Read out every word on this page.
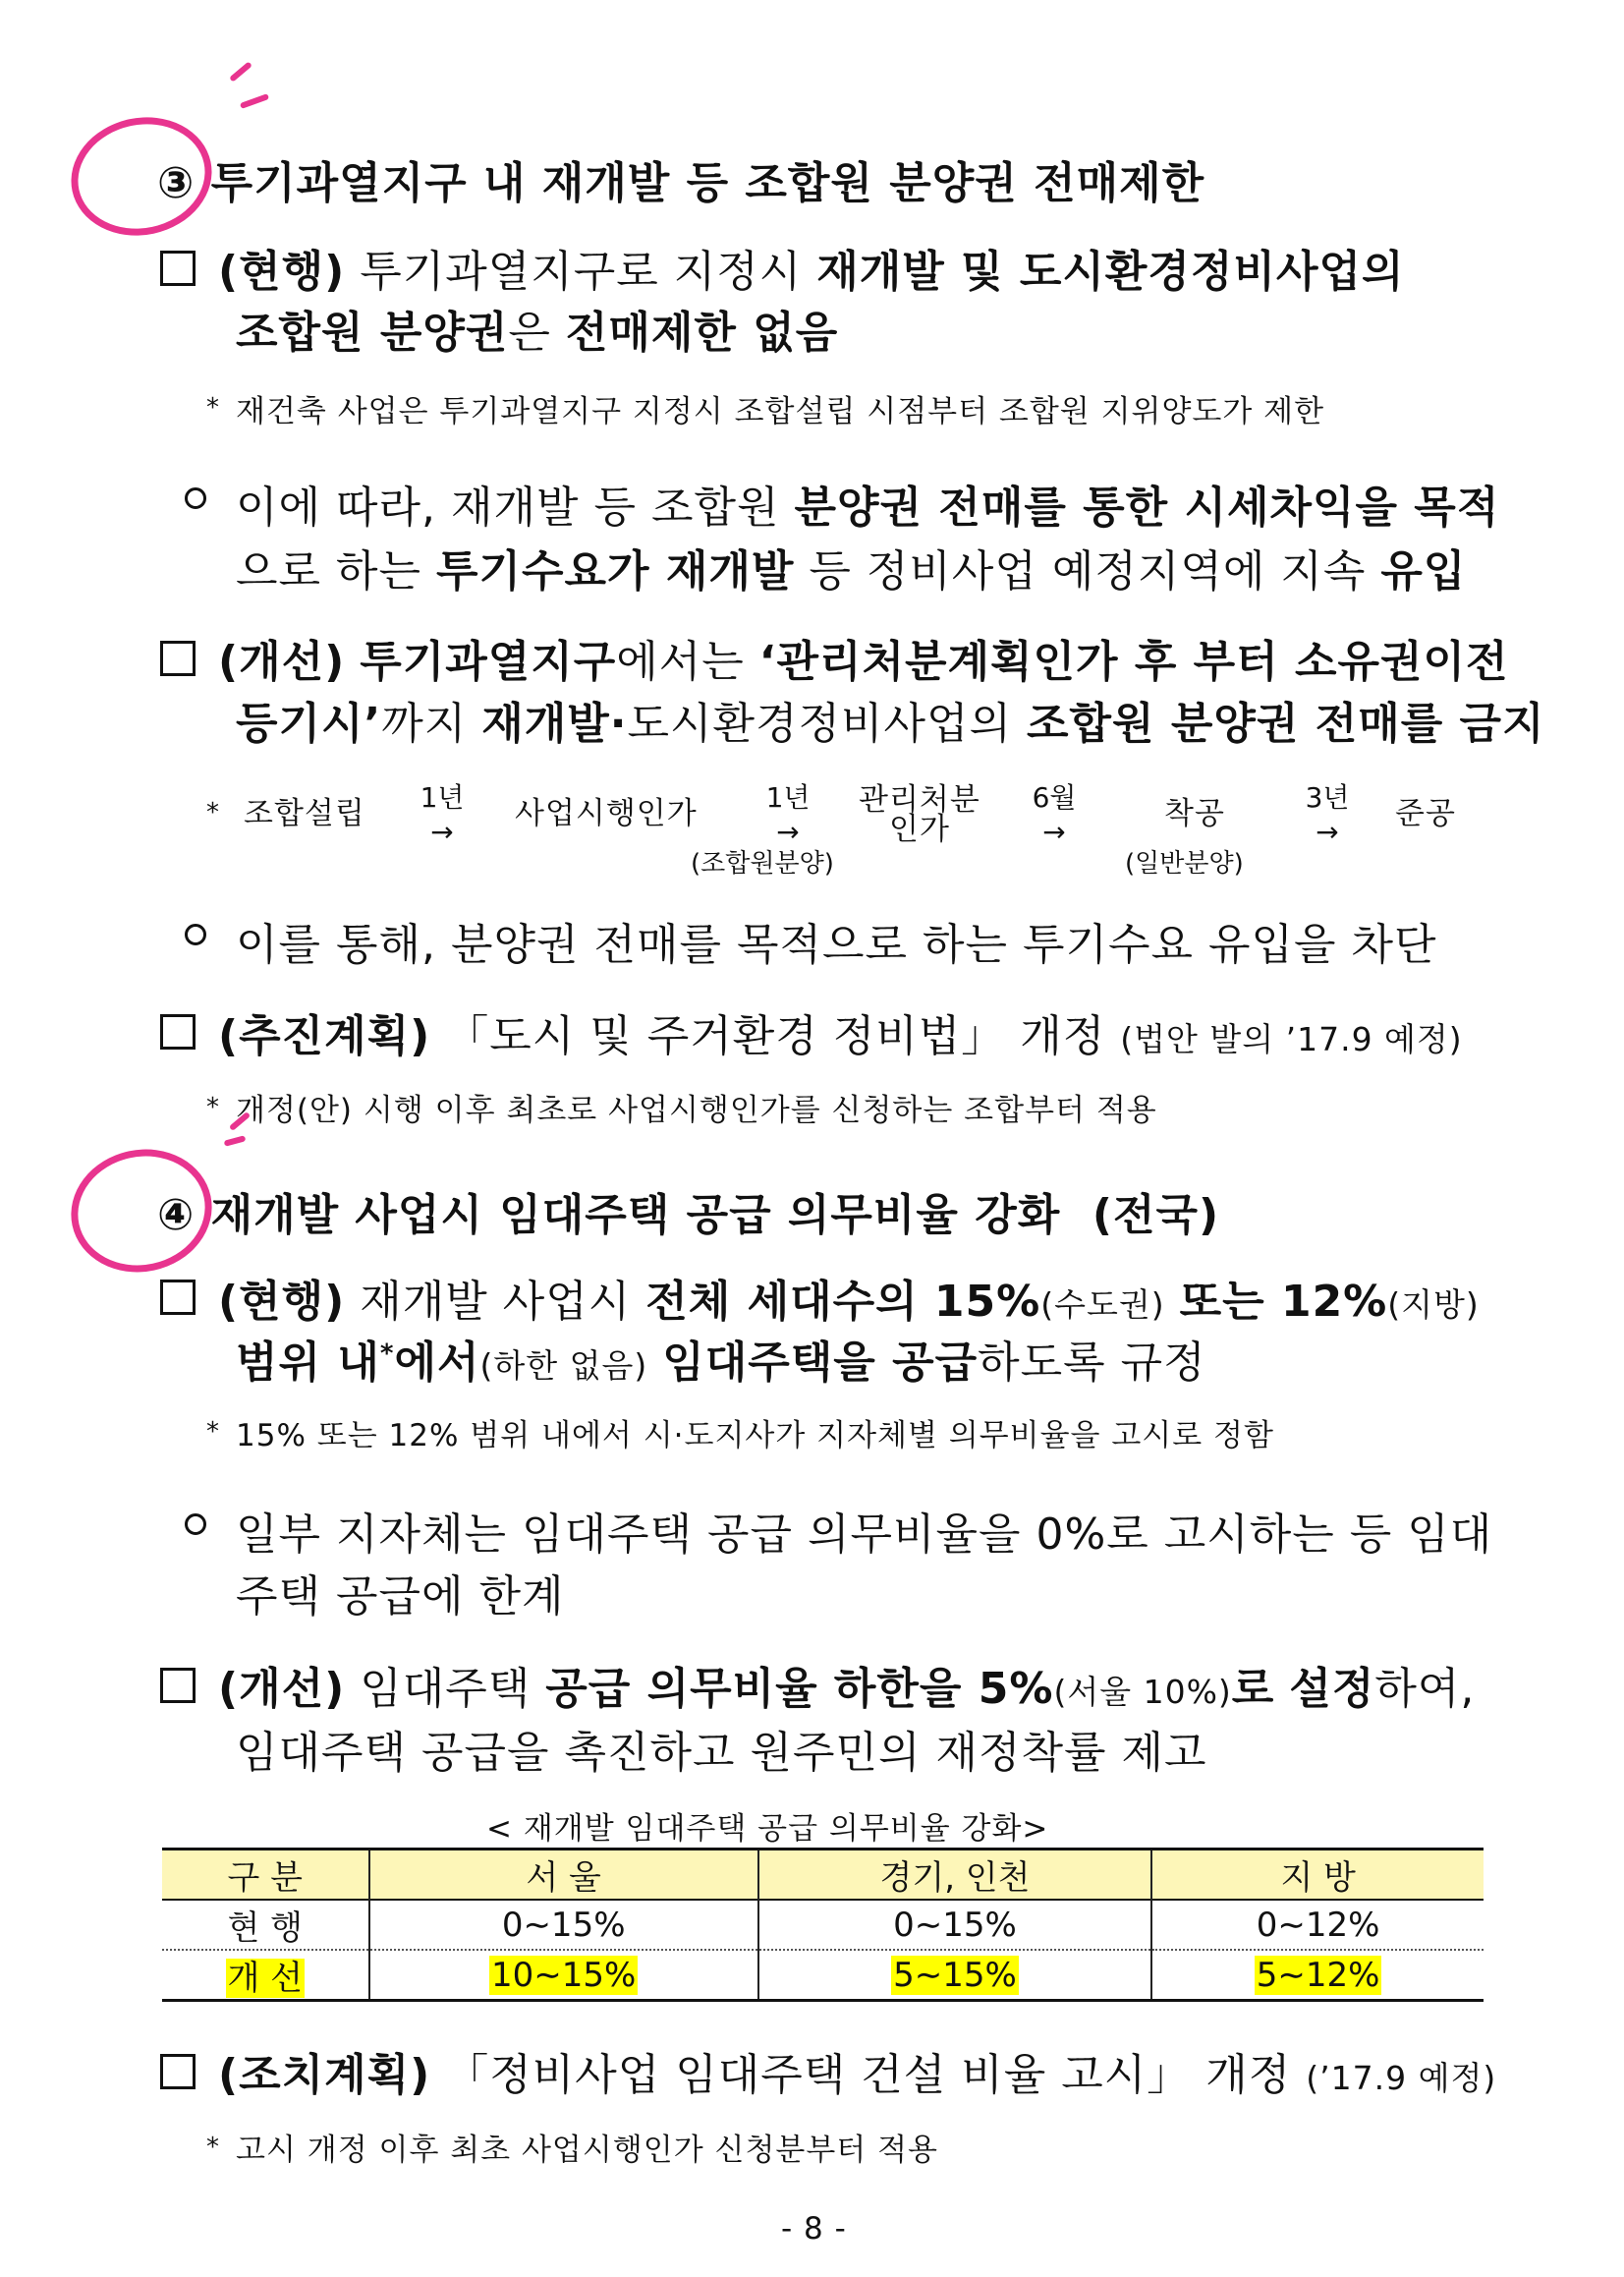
③ 투기과열지구 내 재개발 등 조합원 분양권 전매제한
(현행) 투기과열지구로 지정시 재개발 및 도시환경정비사업의
조합원 분양권은 전매제한 없음
* 재건축 사업은 투기과열지구 지정시 조합설립 시점부터 조합원 지위양도가 제한
이에 따라, 재개발 등 조합원 분양권 전매를 통한 시세차익을 목적
으로 하는 투기수요가 재개발 등 정비사업 예정지역에 지속 유입
(개선) 투기과열지구에서는 ‘관리처분계획인가 후 부터 소유권이전
등기시’까지 재개발·도시환경정비사업의 조합원 분양권 전매를 금지
* 조합설립 1년
→
사업시행인가 1년
→
관리처분
인가
(조합원분양)
6월
→
착공
(일반분양)
3년
→
준공
이를 통해, 분양권 전매를 목적으로 하는 투기수요 유입을 차단
(추진계획) 「도시 및 주거환경 정비법」 개정 (법안 발의 ’17.9 예정)
* 개정(안) 시행 이후 최초로 사업시행인가를 신청하는 조합부터 적용
④ 재개발 사업시 임대주택 공급 의무비율 강화 (전국)
(현행) 재개발 사업시 전체 세대수의 15%(수도권) 또는 12%(지방)
범위 내*에서(하한 없음) 임대주택을 공급하도록 규정
* 15% 또는 12% 범위 내에서 시·도지사가 지자체별 의무비율을 고시로 정함
일부 지자체는 임대주택 공급 의무비율을 0%로 고시하는 등 임대
주택 공급에 한계
(개선) 임대주택 공급 의무비율 하한을 5%(서울 10%)로 설정하여,
임대주택 공급을 촉진하고 원주민의 재정착률 제고
< 재개발 임대주택 공급 의무비율 강화>
구 분	서 울	경기, 인천	지 방
현 행	0∼15%	0∼15%	0∼12%
개 선	10∼15%	5∼15%	5∼12%
(조치계획) 「정비사업 임대주택 건설 비율 고시」 개정 (’17.9 예정)
* 고시 개정 이후 최초 사업시행인가 신청분부터 적용
- 8 -
